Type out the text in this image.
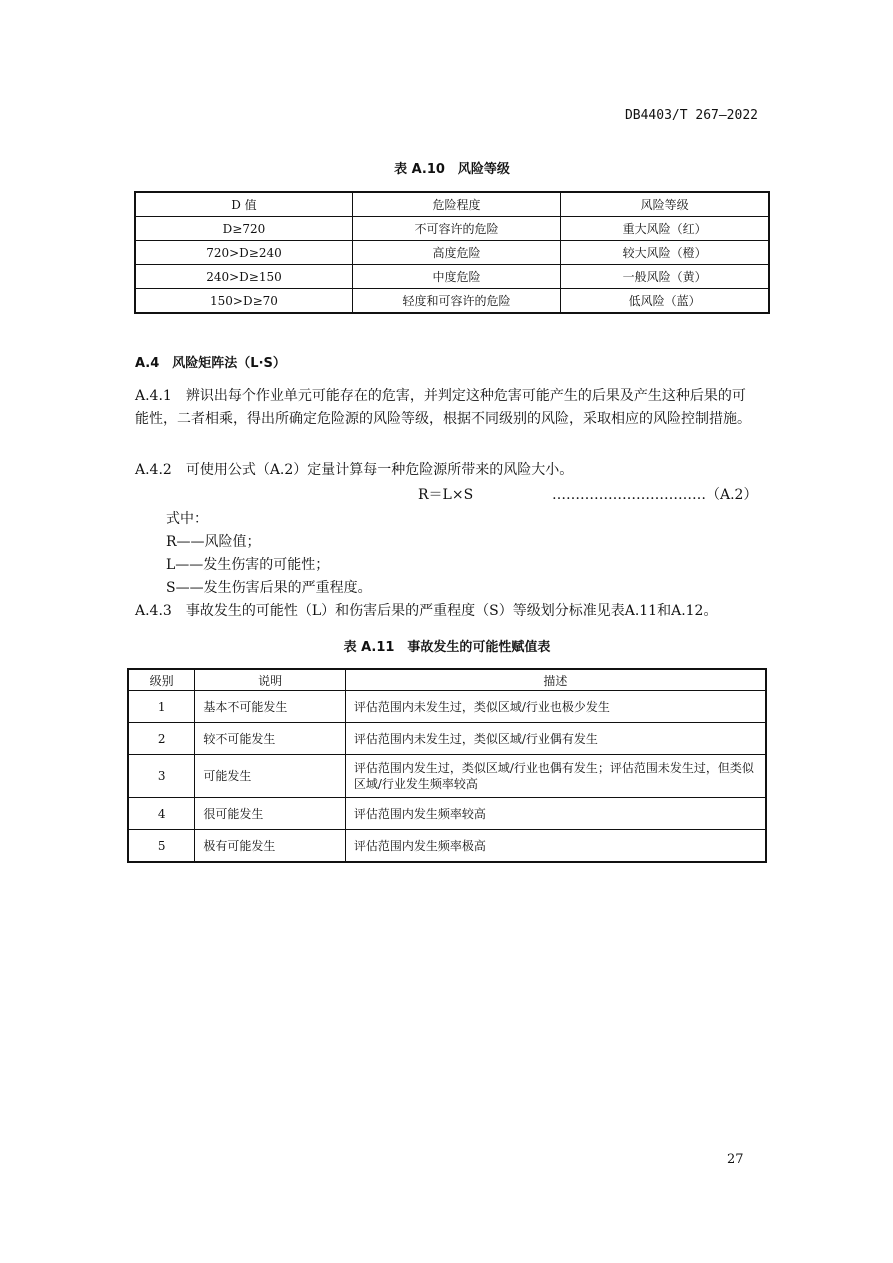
DB4403/T 267—2022
表 A.10　风险等级
D 值	危险程度	风险等级
D≥720	不可容许的危险	重大风险（红）
720>D≥240	高度危险	较大风险（橙）
240>D≥150	中度危险	一般风险（黄）
150>D≥70	轻度和可容许的危险	低风险（蓝）
A.4　风险矩阵法（L·S）
A.4.1　辨识出每个作业单元可能存在的危害，并判定这种危害可能产生的后果及产生这种后果的可能性，二者相乘，得出所确定危险源的风险等级，根据不同级别的风险，采取相应的风险控制措施。
A.4.2　可使用公式（A.2）定量计算每一种危险源所带来的风险大小。
R＝L×S	……………………………（A.2）
式中：
R——风险值；
L——发生伤害的可能性；
S——发生伤害后果的严重程度。
A.4.3　事故发生的可能性（L）和伤害后果的严重程度（S）等级划分标准见表A.11和A.12。
表 A.11　事故发生的可能性赋值表
级别	说明	描述
1	基本不可能发生	评估范围内未发生过，类似区域/行业也极少发生
2	较不可能发生	评估范围内未发生过，类似区域/行业偶有发生
3	可能发生	评估范围内发生过，类似区域/行业也偶有发生；评估范围未发生过，但类似区域/行业发生频率较高
4	很可能发生	评估范围内发生频率较高
5	极有可能发生	评估范围内发生频率极高
27
